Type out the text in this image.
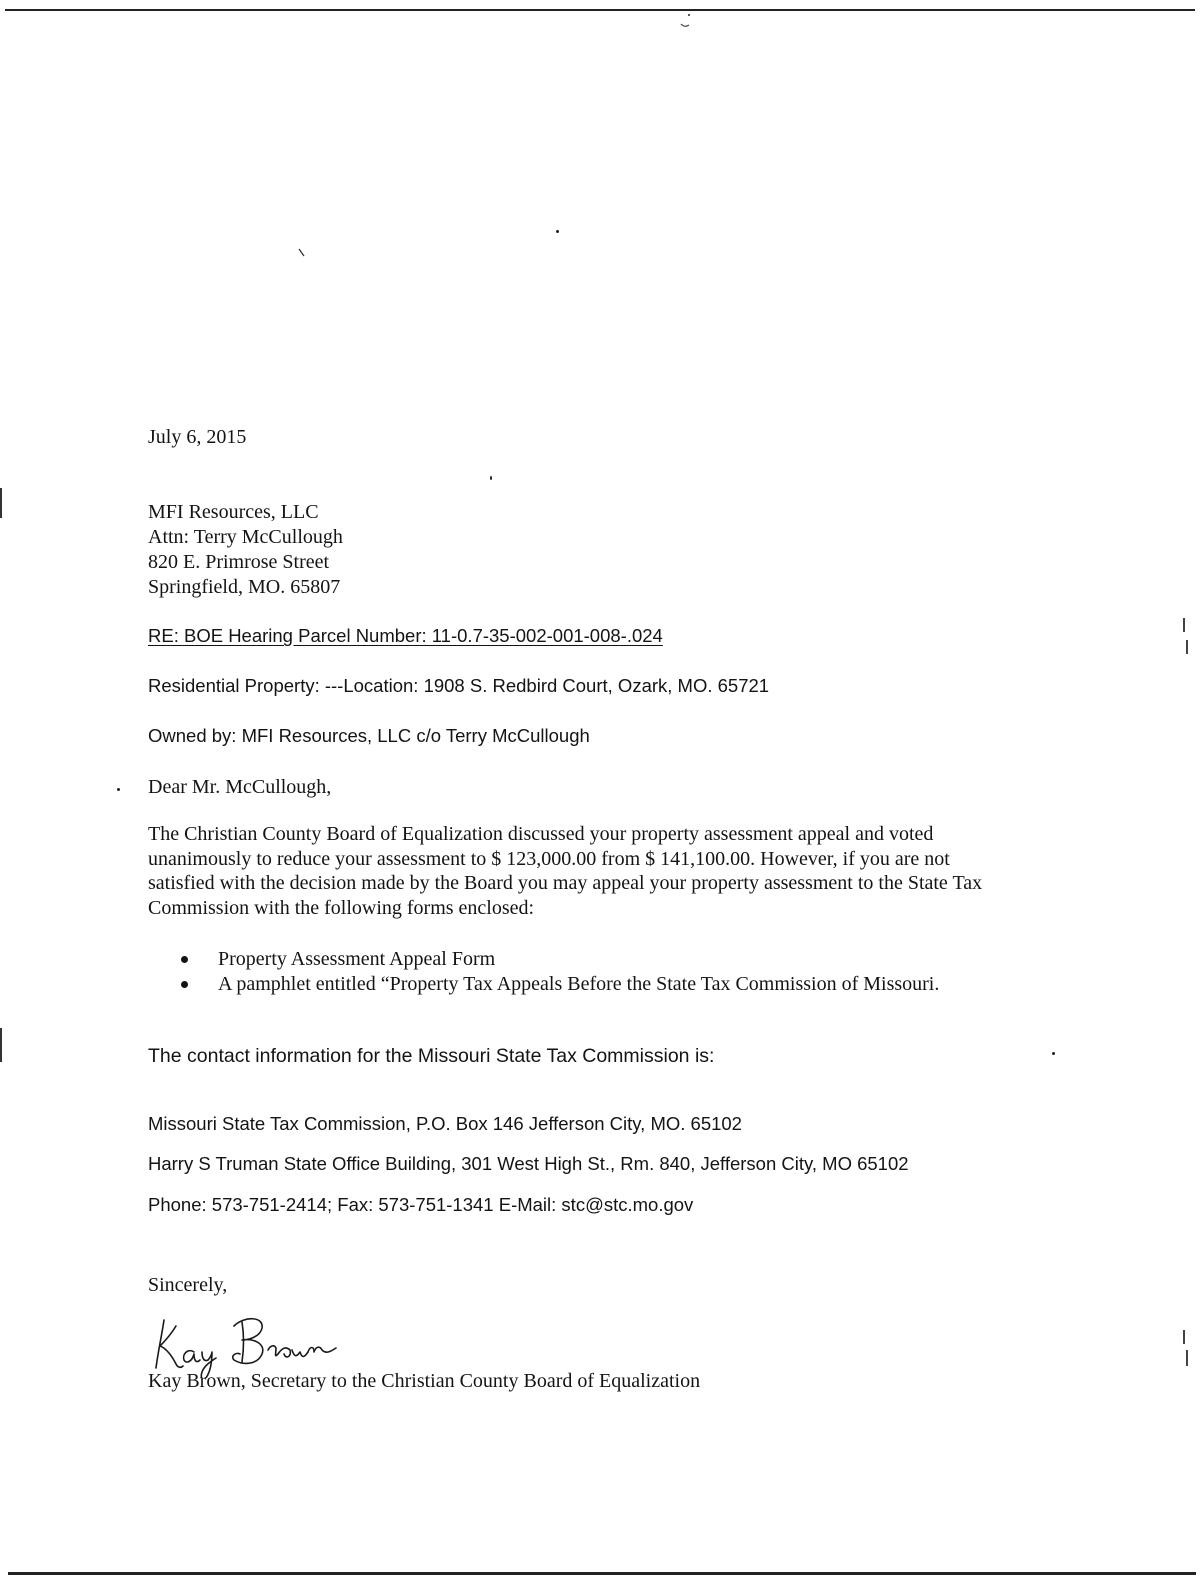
July 6, 2015

MFI Resources, LLC

Attn: Terry McCullough

820 E. Primrose Street

Springfield, MO. 65807

RE: BOE Hearing Parcel Number: 11-0.7-35-002-001-008-.024

Residential Property: ---Location: 1908 S. Redbird Court, Ozark, MO. 65721

Owned by: MFI Resources, LLC c/o Terry McCullough

Dear Mr. McCullough,

The Christian County Board of Equalization discussed your property assessment appeal and voted
unanimously to reduce your assessment to $ 123,000.00 from $ 141,100.00. However, if you are not
satisfied with the decision made by the Board you may appeal your property assessment to the State Tax
Commission with the following forms enclosed:

Property Assessment Appeal Form
A pamphlet entitled “Property Tax Appeals Before the State Tax Commission of Missouri.

The contact information for the Missouri State Tax Commission is:

Missouri State Tax Commission, P.O. Box 146 Jefferson City, MO. 65102

Harry S Truman State Office Building, 301 West High St., Rm. 840, Jefferson City, MO 65102

Phone: 573-751-2414; Fax: 573-751-1341 E-Mail: stc@stc.mo.gov

Sincerely,

Kay Brown, Secretary to the Christian County Board of Equalization
